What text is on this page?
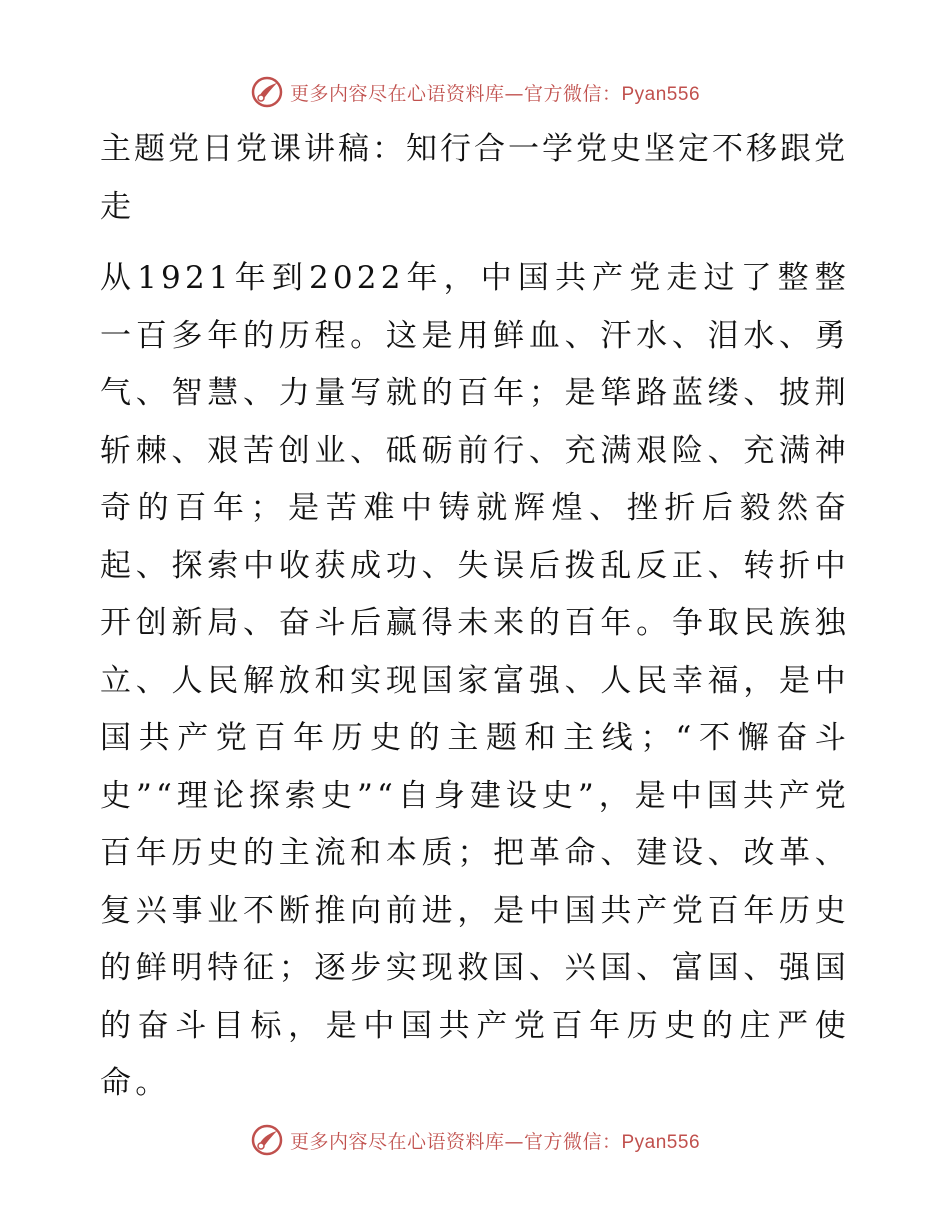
更多内容尽在心语资料库—官方微信：Pyan556
主题党日党课讲稿：知行合一学党史坚定不移跟党走

从1921年到2022年，中国共产党走过了整整一百多年的历程。这是用鲜血、汗水、泪水、勇气、智慧、力量写就的百年；是筚路蓝缕、披荆斩棘、艰苦创业、砥砺前行、充满艰险、充满神奇的百年；是苦难中铸就辉煌、挫折后毅然奋起、探索中收获成功、失误后拨乱反正、转折中开创新局、奋斗后赢得未来的百年。争取民族独立、人民解放和实现国家富强、人民幸福，是中国共产党百年历史的主题和主线；“不懈奋斗史”“理论探索史”“自身建设史”，是中国共产党百年历史的主流和本质；把革命、建设、改革、复兴事业不断推向前进，是中国共产党百年历史的鲜明特征；逐步实现救国、兴国、富国、强国的奋斗目标，是中国共产党百年历史的庄严使命。

更多内容尽在心语资料库—官方微信：Pyan556
